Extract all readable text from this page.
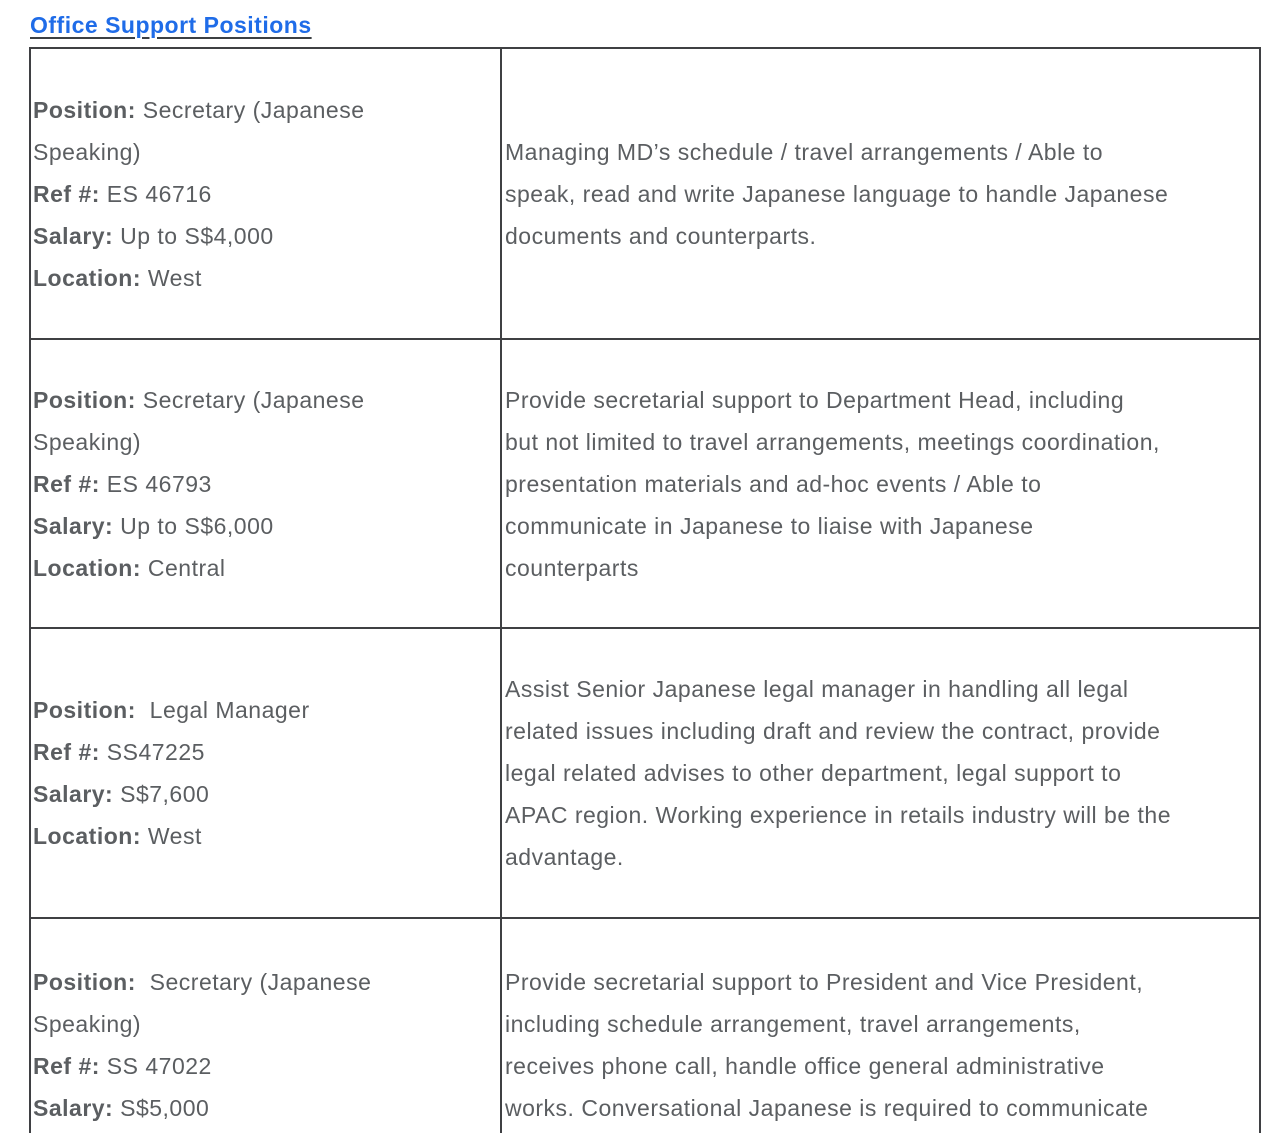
Office Support Positions
Position: Secretary (Japanese Speaking)
Ref #: ES 46716
Salary: Up to S$4,000
Location: West

Managing MD’s schedule / travel arrangements / Able to
speak, read and write Japanese language to handle Japanese
documents and counterparts.

Position: Secretary (Japanese Speaking)
Ref #: ES 46793
Salary: Up to S$6,000
Location: Central

Provide secretarial support to Department Head, including
but not limited to travel arrangements, meetings coordination,
presentation materials and ad-hoc events / Able to
communicate in Japanese to liaise with Japanese
counterparts

Position:  Legal Manager
Ref #: SS47225
Salary: S$7,600
Location: West

Assist Senior Japanese legal manager in handling all legal
related issues including draft and review the contract, provide
legal related advises to other department, legal support to
APAC region. Working experience in retails industry will be the
advantage.

Position:  Secretary (Japanese Speaking)
Ref #: SS 47022
Salary: S$5,000

Provide secretarial support to President and Vice President,
including schedule arrangement, travel arrangements,
receives phone call, handle office general administrative
works. Conversational Japanese is required to communicate
